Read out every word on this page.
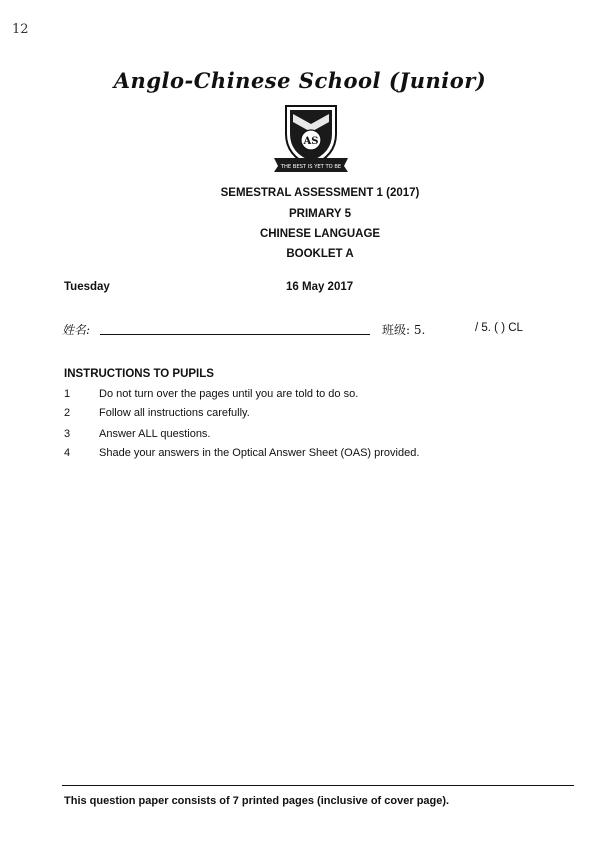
12
Anglo-Chinese School (Junior)
AS
THE BEST IS YET TO BE
SEMESTRAL ASSESSMENT 1 (2017)
PRIMARY 5
CHINESE LANGUAGE
BOOKLET A
Tuesday	16 May 2017
姓名:	班级: 5.	/ 5. ( ) CL
INSTRUCTIONS TO PUPILS
1	Do not turn over the pages until you are told to do so.
2	Follow all instructions carefully.
3	Answer ALL questions.
4	Shade your answers in the Optical Answer Sheet (OAS) provided.
This question paper consists of 7 printed pages (inclusive of cover page).
